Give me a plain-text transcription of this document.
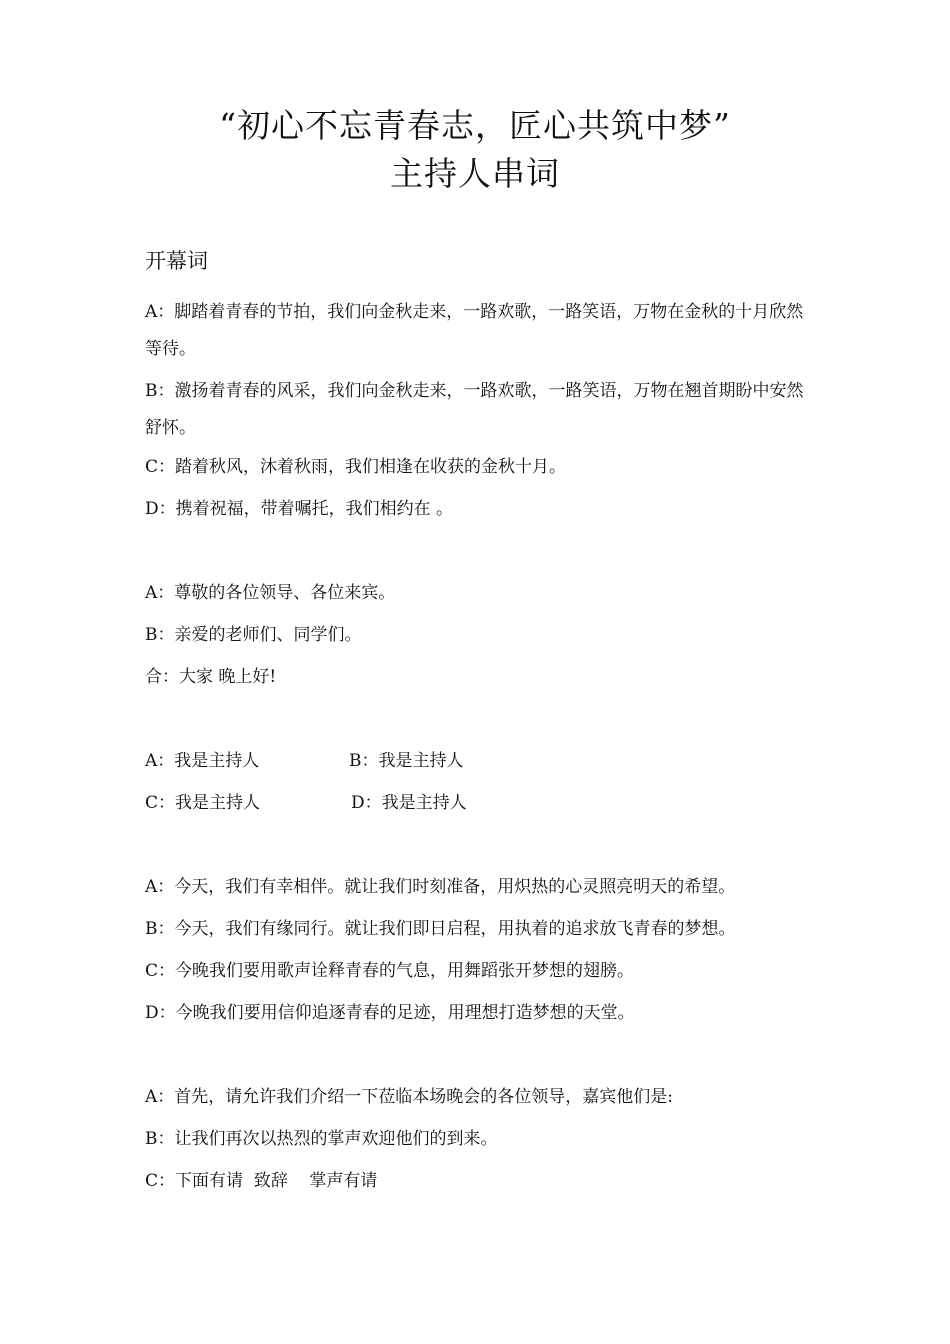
“初心不忘青春志，匠心共筑中梦”
主持人串词
开幕词
A：脚踏着青春的节拍，我们向金秋走来，一路欢歌，一路笑语，万物在金秋的十月欣然等待。
B：激扬着青春的风采，我们向金秋走来，一路欢歌，一路笑语，万物在翘首期盼中安然舒怀。
C：踏着秋风，沐着秋雨，我们相逢在收获的金秋十月。
D：携着祝福，带着嘱托，我们相约在 。
A：尊敬的各位领导、各位来宾。
B：亲爱的老师们、同学们。
合：大家 晚上好!
A：我是主持人	B：我是主持人
C：我是主持人	D：我是主持人
A：今天，我们有幸相伴。就让我们时刻准备，用炽热的心灵照亮明天的希望。
B：今天，我们有缘同行。就让我们即日启程，用执着的追求放飞青春的梦想。
C：今晚我们要用歌声诠释青春的气息，用舞蹈张开梦想的翅膀。
D：今晚我们要用信仰追逐青春的足迹，用理想打造梦想的天堂。
A：首先，请允许我们介绍一下莅临本场晚会的各位领导，嘉宾他们是:
B：让我们再次以热烈的掌声欢迎他们的到来。
C：下面有请  致辞    掌声有请
